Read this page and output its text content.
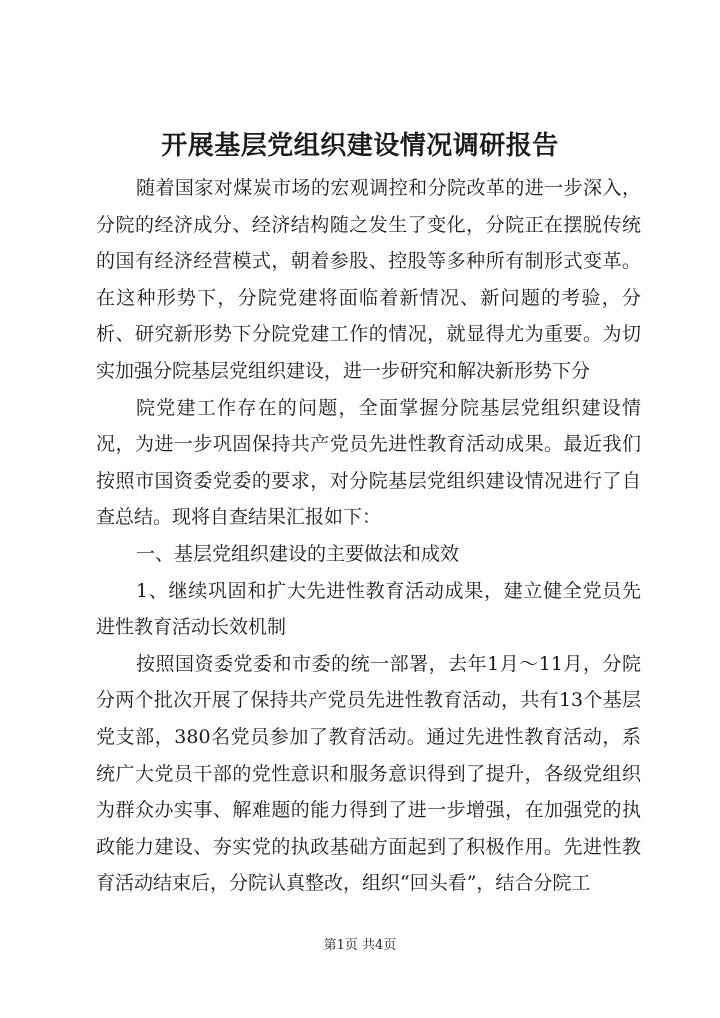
开展基层党组织建设情况调研报告

随着国家对煤炭市场的宏观调控和分院改革的进一步深入，分院的经济成分、经济结构随之发生了变化，分院正在摆脱传统的国有经济经营模式，朝着参股、控股等多种所有制形式变革。在这种形势下，分院党建将面临着新情况、新问题的考验，分析、研究新形势下分院党建工作的情况，就显得尤为重要。为切实加强分院基层党组织建设，进一步研究和解决新形势下分

院党建工作存在的问题，全面掌握分院基层党组织建设情况，为进一步巩固保持共产党员先进性教育活动成果。最近我们按照市国资委党委的要求，对分院基层党组织建设情况进行了自查总结。现将自查结果汇报如下：

一、基层党组织建设的主要做法和成效

1、继续巩固和扩大先进性教育活动成果，建立健全党员先进性教育活动长效机制

按照国资委党委和市委的统一部署，去年1月～11月，分院分两个批次开展了保持共产党员先进性教育活动，共有13个基层党支部，380名党员参加了教育活动。通过先进性教育活动，系统广大党员干部的党性意识和服务意识得到了提升，各级党组织为群众办实事、解难题的能力得到了进一步增强，在加强党的执政能力建设、夯实党的执政基础方面起到了积极作用。先进性教育活动结束后，分院认真整改，组织“回头看”，结合分院工

第1页 共4页
